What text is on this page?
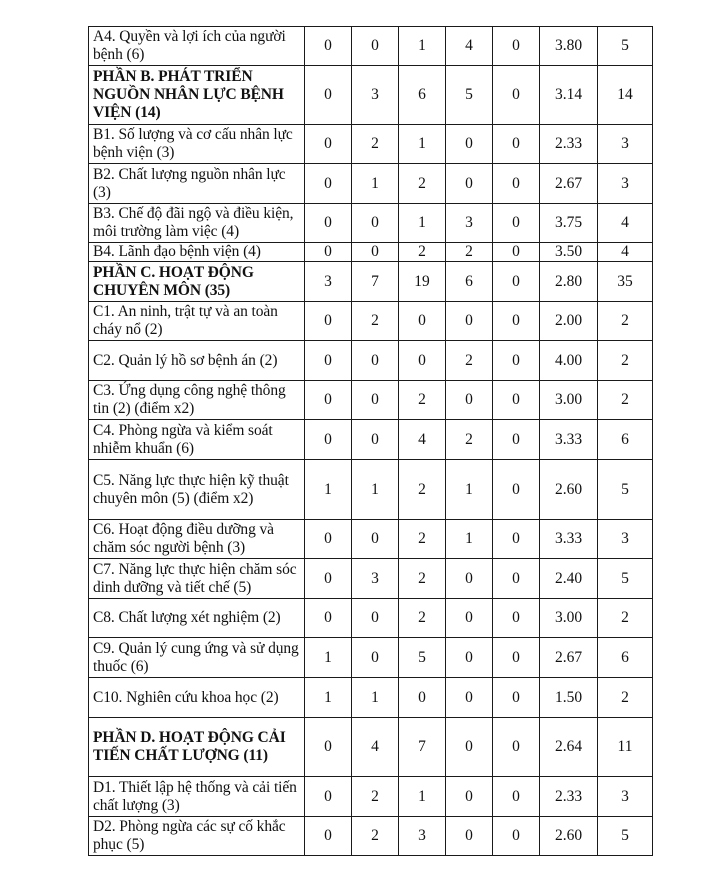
A4. Quyền và lợi ích của người bệnh (6)	0	0	1	4	0	3.80	5
PHẦN B. PHÁT TRIỂN NGUỒN NHÂN LỰC BỆNH VIỆN (14)	0	3	6	5	0	3.14	14
B1. Số lượng và cơ cấu nhân lực bệnh viện (3)	0	2	1	0	0	2.33	3
B2. Chất lượng nguồn nhân lực (3)	0	1	2	0	0	2.67	3
B3. Chế độ đãi ngộ và điều kiện, môi trường làm việc (4)	0	0	1	3	0	3.75	4
B4. Lãnh đạo bệnh viện (4)	0	0	2	2	0	3.50	4
PHẦN C. HOẠT ĐỘNG CHUYÊN MÔN (35)	3	7	19	6	0	2.80	35
C1. An ninh, trật tự và an toàn cháy nổ (2)	0	2	0	0	0	2.00	2
C2. Quản lý hồ sơ bệnh án (2)	0	0	0	2	0	4.00	2
C3. Ứng dụng công nghệ thông tin (2) (điểm x2)	0	0	2	0	0	3.00	2
C4. Phòng ngừa và kiểm soát nhiễm khuẩn (6)	0	0	4	2	0	3.33	6
C5. Năng lực thực hiện kỹ thuật chuyên môn (5) (điểm x2)	1	1	2	1	0	2.60	5
C6. Hoạt động điều dưỡng và chăm sóc người bệnh (3)	0	0	2	1	0	3.33	3
C7. Năng lực thực hiện chăm sóc dinh dưỡng và tiết chế (5)	0	3	2	0	0	2.40	5
C8. Chất lượng xét nghiệm (2)	0	0	2	0	0	3.00	2
C9. Quản lý cung ứng và sử dụng thuốc (6)	1	0	5	0	0	2.67	6
C10. Nghiên cứu khoa học (2)	1	1	0	0	0	1.50	2
PHẦN D. HOẠT ĐỘNG CẢI TIẾN CHẤT LƯỢNG (11)	0	4	7	0	0	2.64	11
D1. Thiết lập hệ thống và cải tiến chất lượng (3)	0	2	1	0	0	2.33	3
D2. Phòng ngừa các sự cố khắc phục (5)	0	2	3	0	0	2.60	5
